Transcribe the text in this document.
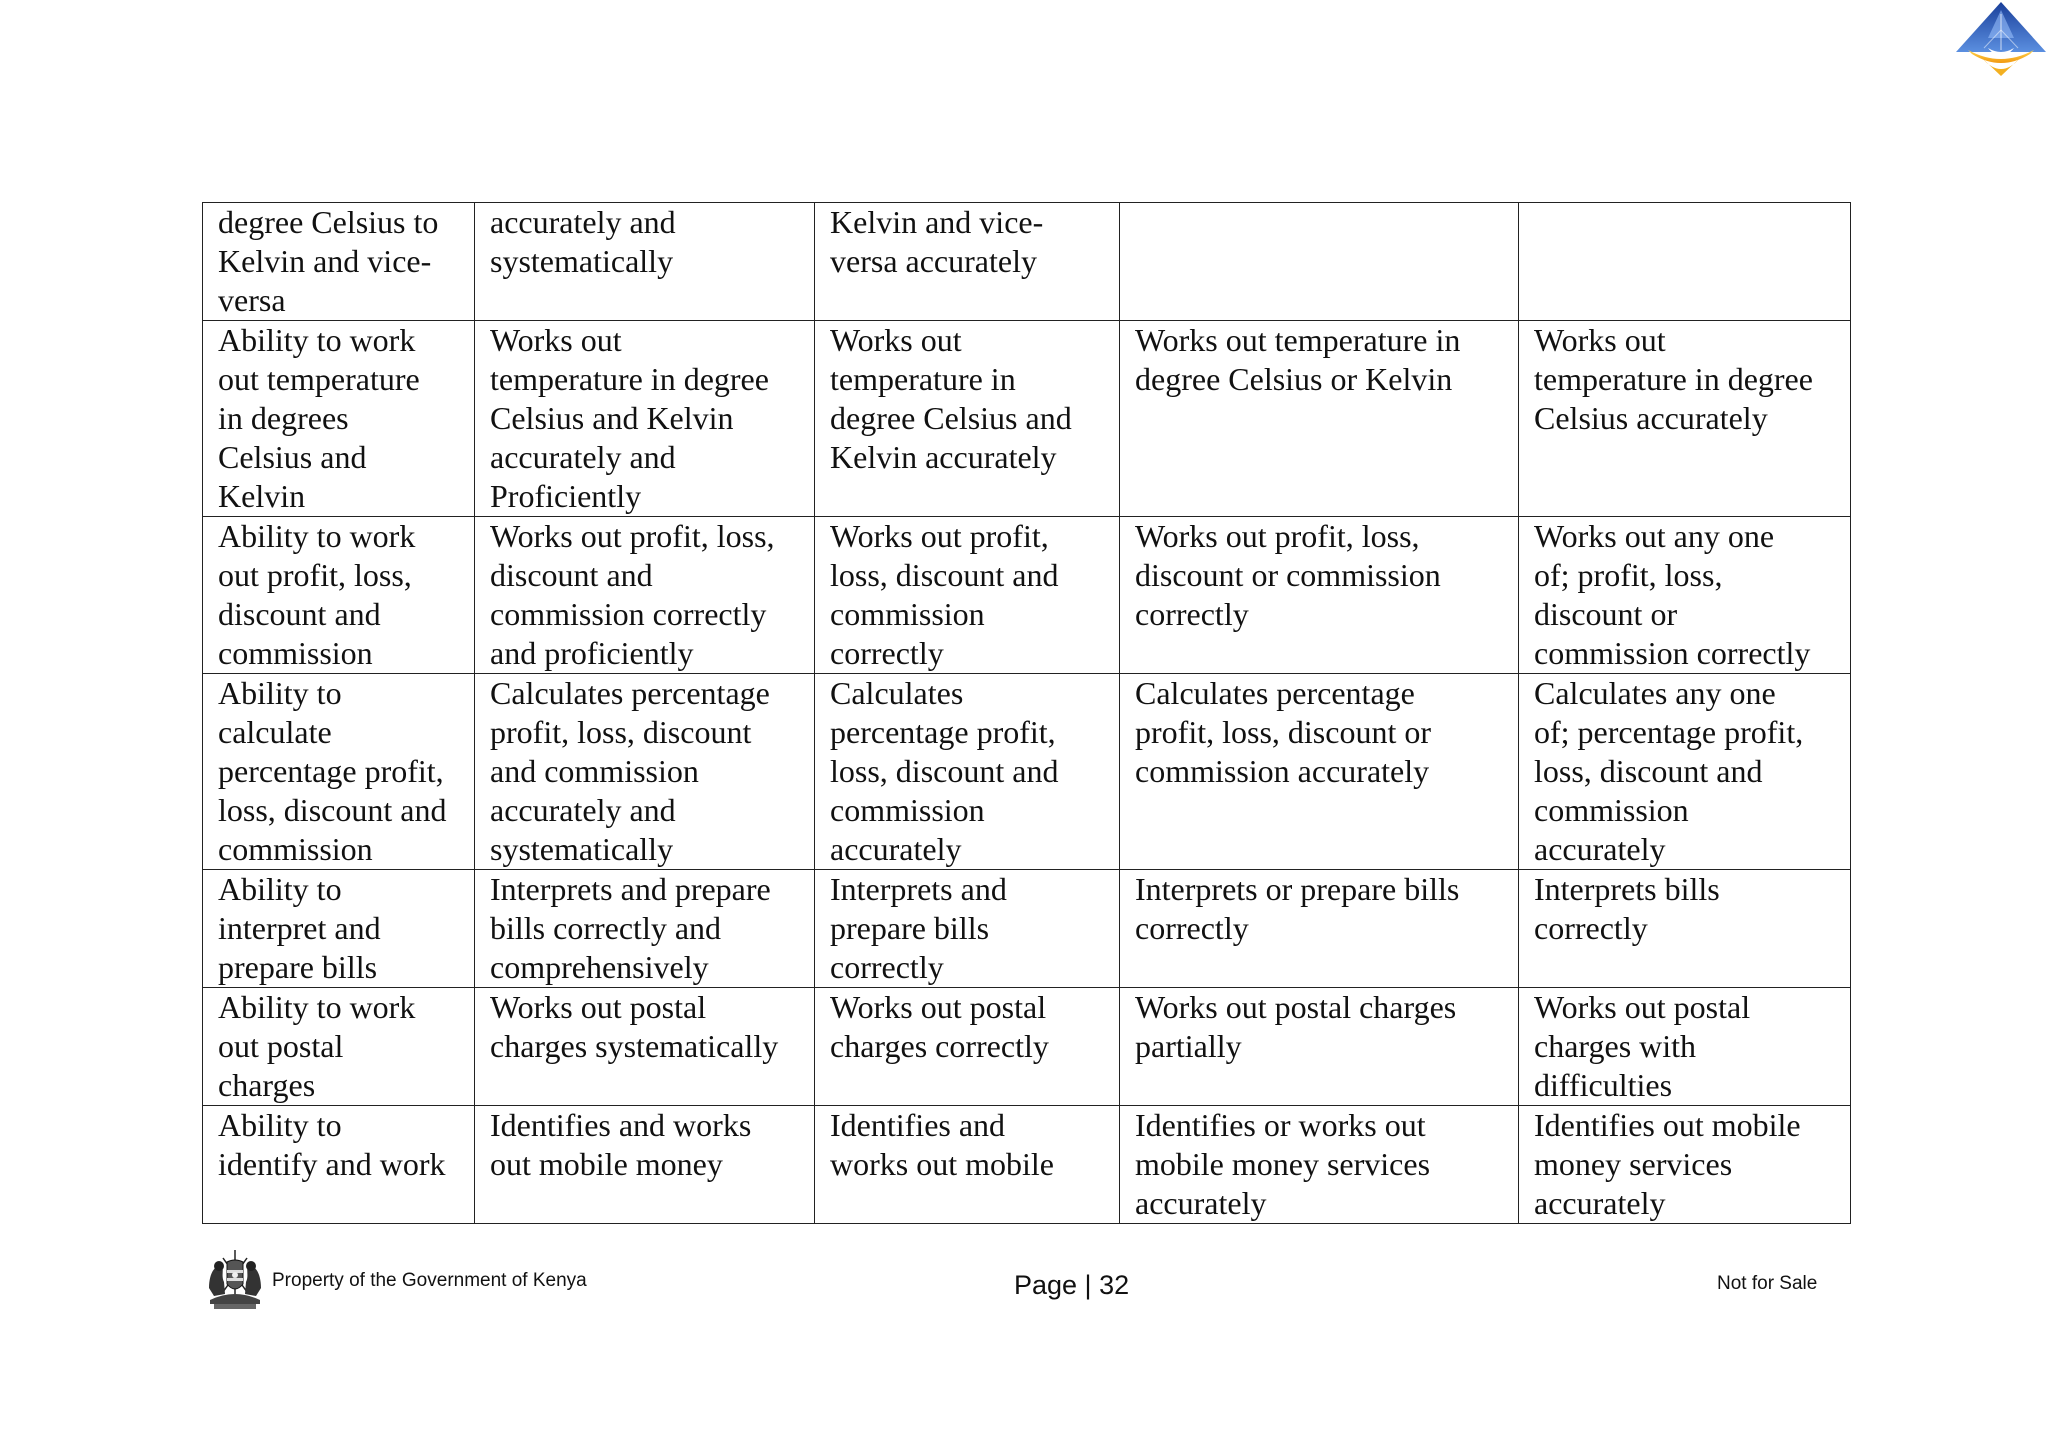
degree Celsius to
Kelvin and vice-
versa	accurately and
systematically	Kelvin and vice-
versa accurately		

Ability to work
out temperature
in degrees
Celsius and
Kelvin	Works out
temperature in degree
Celsius and Kelvin
accurately and
Proficiently	Works out
temperature in
degree Celsius and
Kelvin accurately	Works out temperature in
degree Celsius or Kelvin	Works out
temperature in degree
Celsius accurately

Ability to work
out profit, loss,
discount and
commission	Works out profit, loss,
discount and
commission correctly
and proficiently	Works out profit,
loss, discount and
commission
correctly	Works out profit, loss,
discount or commission
correctly	Works out any one
of; profit, loss,
discount or
commission correctly

Ability to
calculate
percentage profit,
loss, discount and
commission	Calculates percentage
profit, loss, discount
and commission
accurately and
systematically	Calculates
percentage profit,
loss, discount and
commission
accurately	Calculates percentage
profit, loss, discount or
commission accurately	Calculates any one
of; percentage profit,
loss, discount and
commission
accurately

Ability to
interpret and
prepare bills	Interprets and prepare
bills correctly and
comprehensively	Interprets and
prepare bills
correctly	Interprets or prepare bills
correctly	Interprets bills
correctly

Ability to work
out postal
charges	Works out postal
charges systematically	Works out postal
charges correctly	Works out postal charges
partially	Works out postal
charges with
difficulties

Ability to
identify and work	Identifies and works
out mobile money	Identifies and
works out mobile	Identifies or works out
mobile money services
accurately	Identifies out mobile
money services
accurately
Property of the Government of Kenya	Page | 32	Not for Sale
